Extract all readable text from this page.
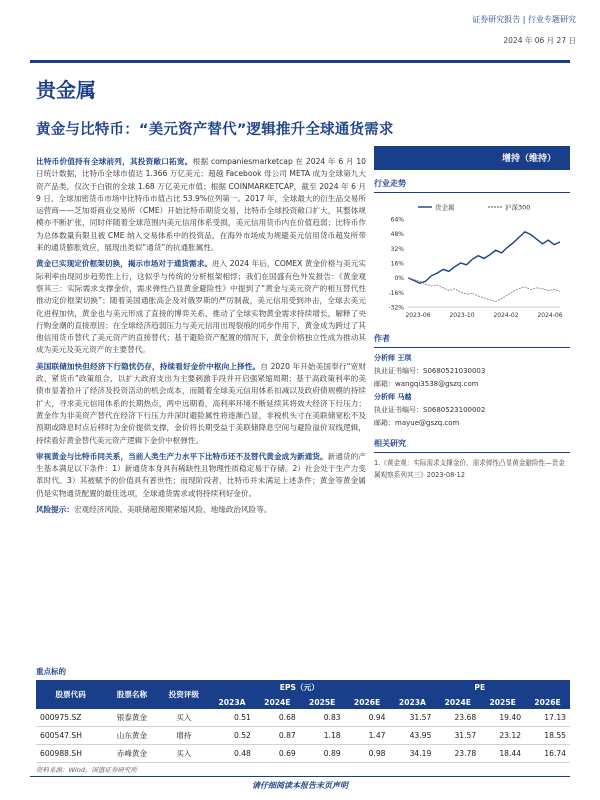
证券研究报告 | 行业专题研究
2024 年 06 月 27 日
贵金属
黄金与比特币：“美元资产替代”逻辑推升全球通货需求

比特币价值持有全球前列，其投资敞口拓宽。根据 companiesmarketcap 在 2024 年 6 月 10 日统计数据，比特币全球市值达 1.366 万亿美元；超越 Facebook 母公司 META 成为全球第九大资产品类，仅次于白银的全球 1.68 万亿美元市值；根据 COINMARKETCAP，截至 2024 年 6 月 9 日，全球加密货币市场中比特币市值占比 53.9%位列第一。2017 年，全球最大的衍生品交易所运营商——芝加哥商业交易所（CME）开始比特币期货交易，比特币全球投资敞口扩大，其整体规模亦不断扩张，同时伴随着全球范围内美元信用体系受损，美元信用货币内在价值趋弱；比特币作为总体数量有限且被 CME 纳入交易体系中的投资品，在海外市场成为规避美元信用货币超发所带来的通货膨胀效应，展现出类似“通货”的抗通胀属性。

黄金已实现定价框架切换，揭示市场对于通货需求。进入 2024 年后，COMEX 黄金价格与美元实际利率由现同步趋势性上行，这似乎与传统的分析框架相悖；我们在国盛有色外发报告：《黄金观察其三：实际需求支撑金价，需求弹性凸显黄金避险性》中提到了“黄金与美元资产的相互替代性推动定价框架切换”；随着美国通胀高企及对俄罗斯的严厉制裁，美元信用受到冲击，全球去美元化进程加快，黄金也与美元形成了直接的博弈关系，推动了全球实物黄金需求持续增长，解释了央行购金潮的直接原因；在全球经济趋弱压力与美元信用出现裂痕的同步作用下，黄金成为跨过了其他信用货币替代了美元资产的直接替代；基于避险资产配置的情况下，黄金价格独立性成为推动其成为美元及美元资产的主要替代。

美国联储加快但经济下行隐忧仍存，持续看好金价中枢向上择性。自 2020 年开始美国奉行“宽财政、紧货币”政策组合，以扩大政府支出为主要刺激手段并开启强紧缩周期；基于高政策利率的美债市显著拾升了经济及投资活动的机会成本，而随着全球美元信用体系扣减以及政府债规模的持续扩大，寻求美元信用体系的长期热点，两中远期看，高利率环境不断延续其将效大经济下行压力；黄金作为非美资产替代在经济下行压力并深时避险属性将逐渐凸显，非税机头寸在美联储宽松不及预期或降息时点后移时为金价提供支撑，金价将长期受益于美联储降息空间与避险溢价双线逻辑，持续看好黄金替代美元资产逻辑下金价中枢弹性。

审视黄金与比特币同关系，当前人类生产力水平下比特币还不及替代黄金成为新通货。新通货的产生基本满足以下条件：1）新通货本身具有稀缺性且物理性质稳定易于存储。2）社会处于生产力变革时代。3）其被赋予的价值具有普世性；而现阶段者，比特币并未满足上述条件；黄金等黄金属仍是实物通货配置的最佳选项，全球通货需求或将持续利好金价。

风险提示：宏观经济风险、美联储超预期紧缩风险、地缘政治风险等。

增持（维持）
行业走势
64%
48%
32%
16%
0%
-16%
-32%
2023-06	2023-10	2024-02	2024-06
贵金属	沪深300
作者
分析师 王琪
执业证书编号：S0680521030003
邮箱：wangqi3538@gszq.com
分析师 马越
执业证书编号：S0680523100002
邮箱：mayue@gszq.com
相关研究
1.《黄金观：实际需求支撑金价，需求弹性凸显黄金避险性—贵金属观察系列其三》2023-08-12
重点标的
股票代码	股票名称	投资评级	EPS（元）				PE			
			2023A	2024E	2025E	2026E	2023A	2024E	2025E	2026E
000975.SZ	银泰黄金	买入	0.51	0.68	0.83	0.94	31.57	23.68	19.40	17.13
600547.SH	山东黄金	增持	0.52	0.87	1.18	1.47	43.95	31.57	23.12	18.55
600988.SH	赤峰黄金	买入	0.48	0.69	0.89	0.98	34.19	23.78	18.44	16.74
资料来源：Wind，国盛证券研究所
请仔细阅读本报告末页声明
